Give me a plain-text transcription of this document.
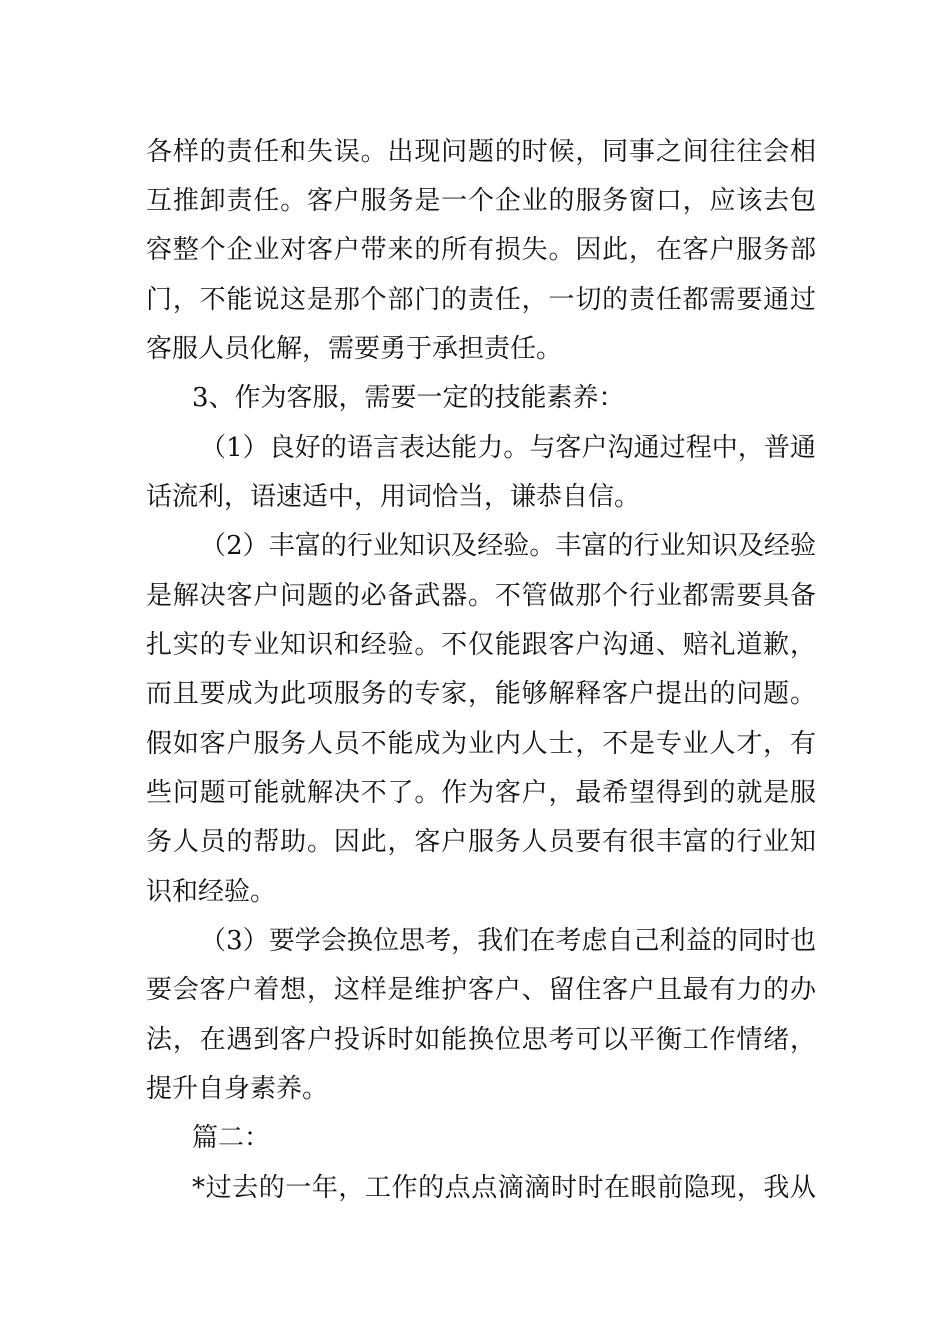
各样的责任和失误。出现问题的时候，同事之间往往会相
互推卸责任。客户服务是一个企业的服务窗口，应该去包
容整个企业对客户带来的所有损失。因此，在客户服务部
门，不能说这是那个部门的责任，一切的责任都需要通过
客服人员化解，需要勇于承担责任。
3、作为客服，需要一定的技能素养：
（1）良好的语言表达能力。与客户沟通过程中，普通
话流利，语速适中，用词恰当，谦恭自信。
（2）丰富的行业知识及经验。丰富的行业知识及经验
是解决客户问题的必备武器。不管做那个行业都需要具备
扎实的专业知识和经验。不仅能跟客户沟通、赔礼道歉，
而且要成为此项服务的专家，能够解释客户提出的问题。
假如客户服务人员不能成为业内人士，不是专业人才，有
些问题可能就解决不了。作为客户，最希望得到的就是服
务人员的帮助。因此，客户服务人员要有很丰富的行业知
识和经验。
（3）要学会换位思考，我们在考虑自己利益的同时也
要会客户着想，这样是维护客户、留住客户且最有力的办
法，在遇到客户投诉时如能换位思考可以平衡工作情绪，
提升自身素养。
篇二：
*过去的一年，工作的点点滴滴时时在眼前隐现，我从
